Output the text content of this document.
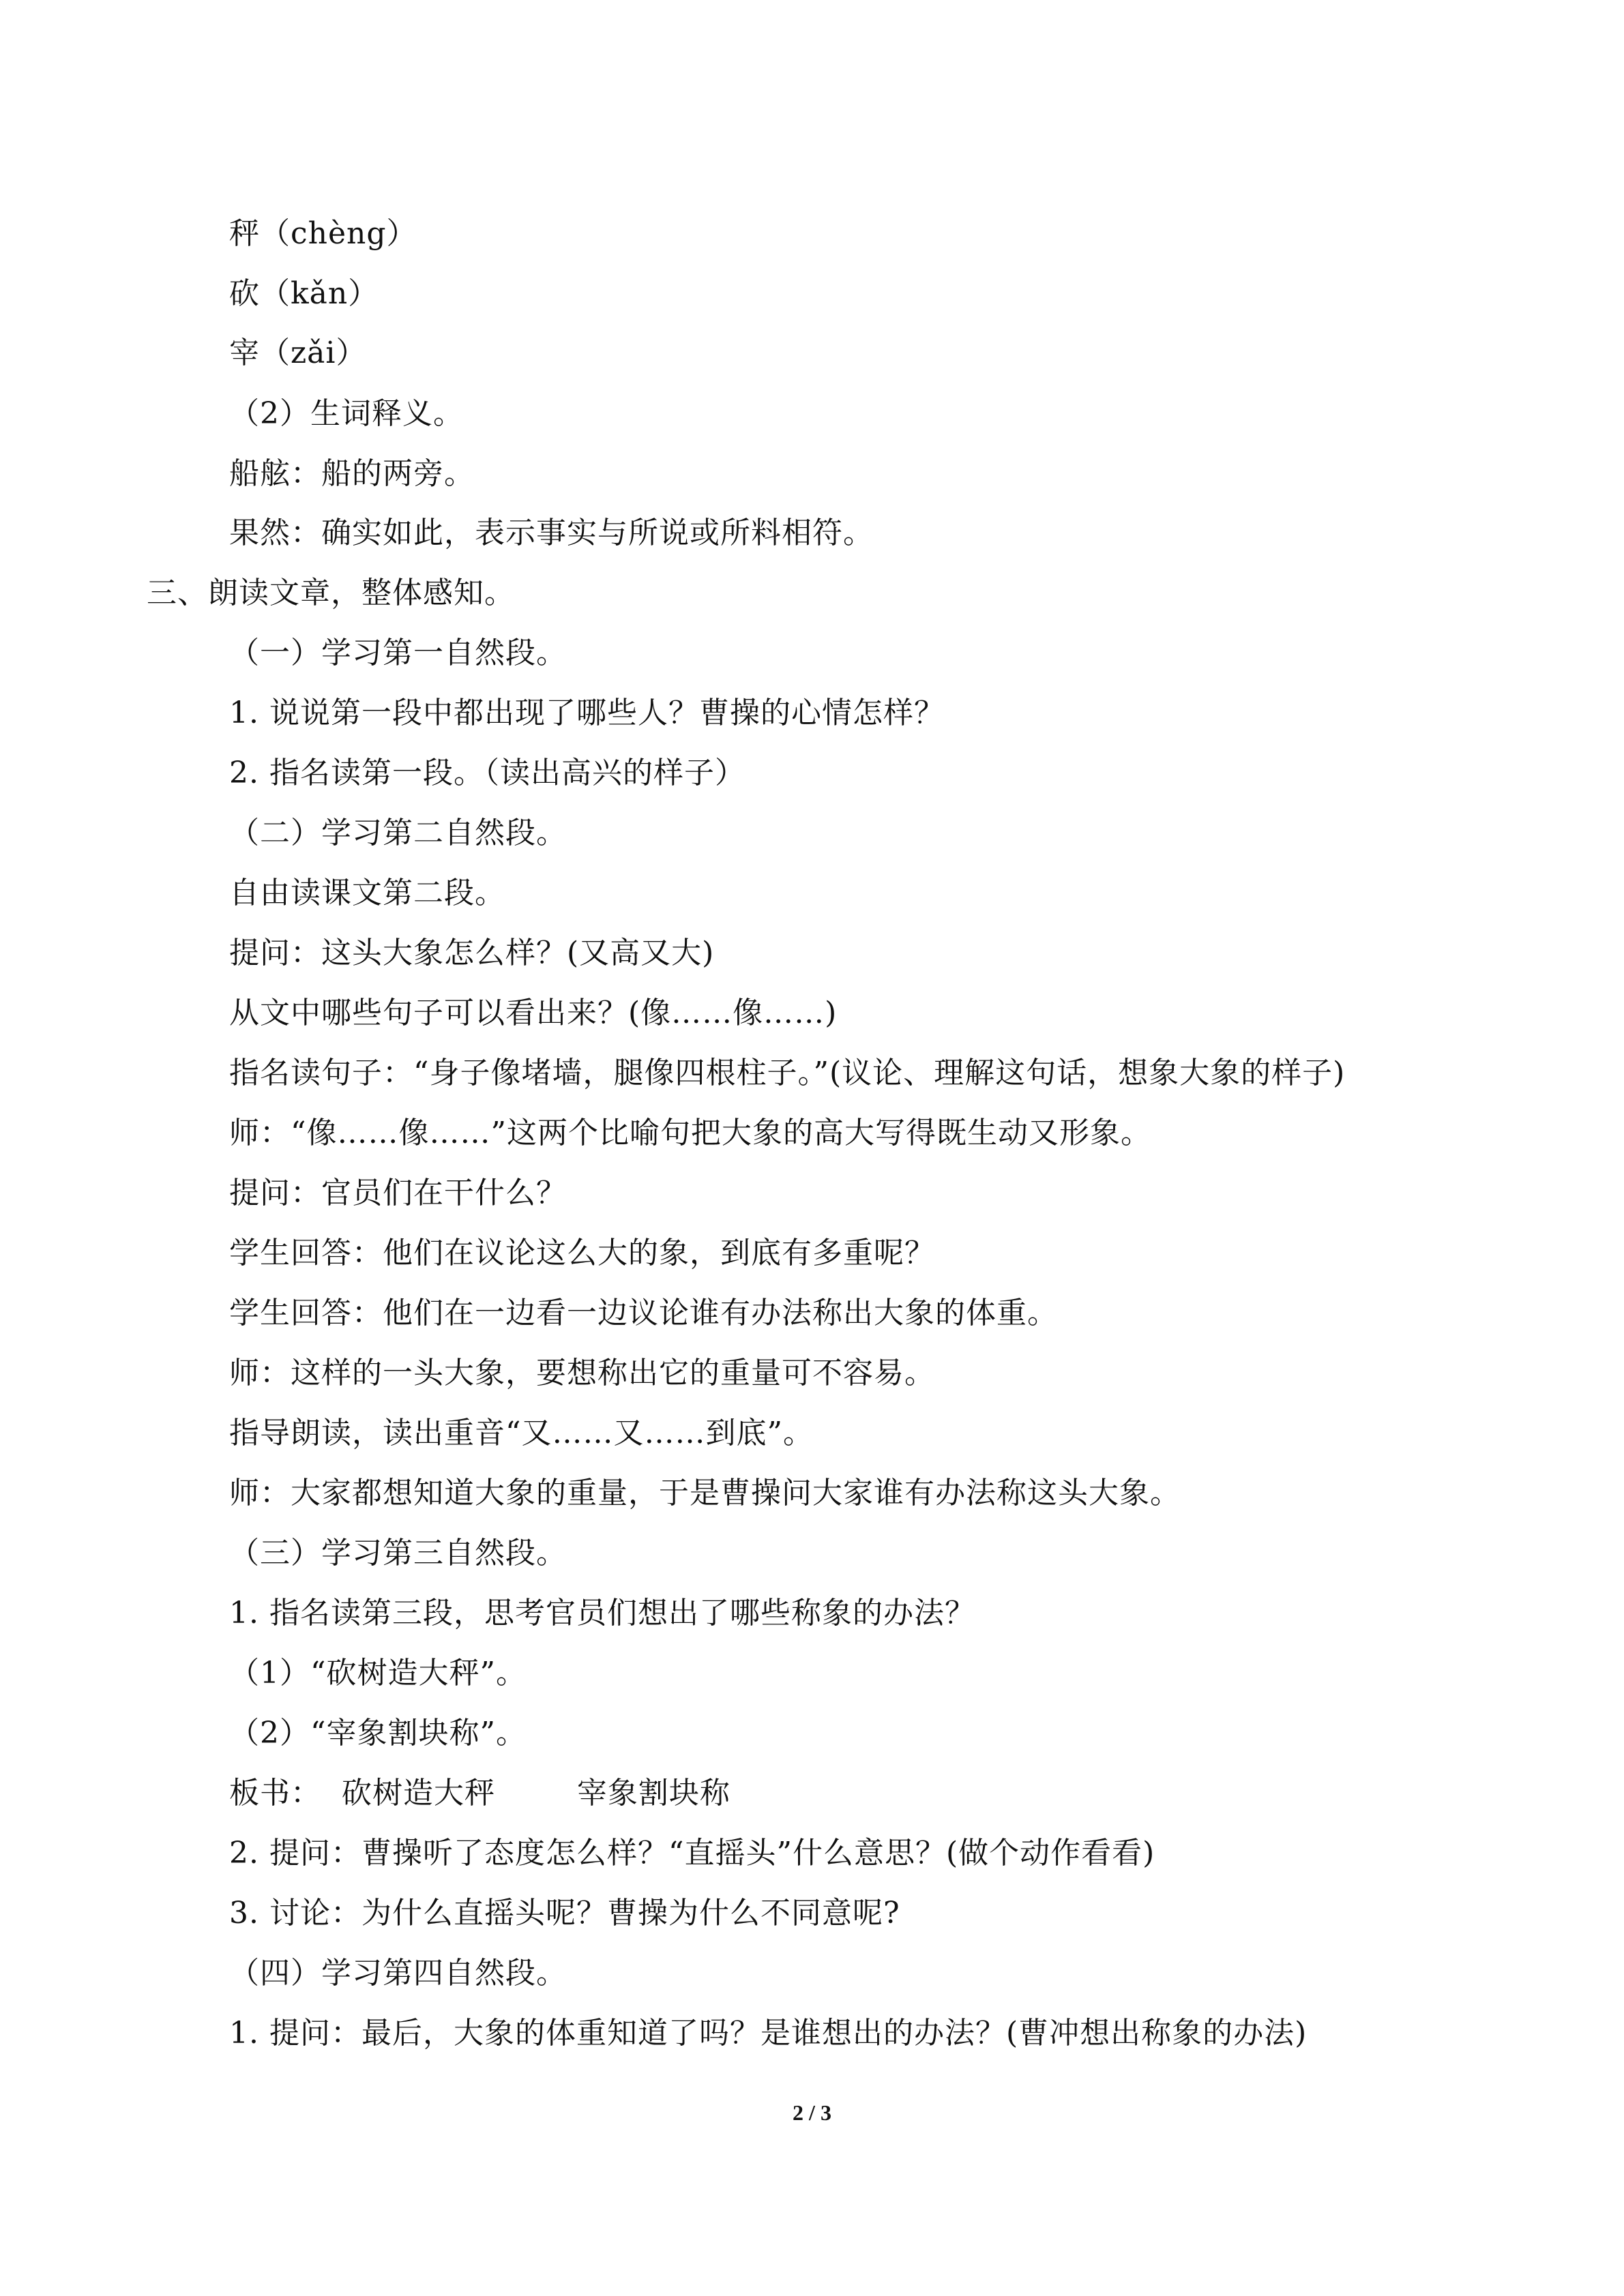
秤（chèng）
砍（kǎn）
宰（zǎi）
（2）生词释义。
船舷：船的两旁。
果然：确实如此，表示事实与所说或所料相符。
三、朗读文章，整体感知。
（一）学习第一自然段。
1. 说说第一段中都出现了哪些人？曹操的心情怎样？
2. 指名读第一段。（读出高兴的样子）
（二）学习第二自然段。
自由读课文第二段。
提问：这头大象怎么样？(又高又大)
从文中哪些句子可以看出来？(像……像……)
指名读句子：“身子像堵墙，腿像四根柱子。”(议论、理解这句话，想象大象的样子)
师：“像……像……”这两个比喻句把大象的高大写得既生动又形象。
提问：官员们在干什么？
学生回答：他们在议论这么大的象，到底有多重呢？
学生回答：他们在一边看一边议论谁有办法称出大象的体重。
师：这样的一头大象，要想称出它的重量可不容易。
指导朗读，读出重音“又……又……到底”。
师：大家都想知道大象的重量，于是曹操问大家谁有办法称这头大象。
（三）学习第三自然段。
1. 指名读第三段，思考官员们想出了哪些称象的办法？
（1）“砍树造大秤”。
（2）“宰象割块称”。
板书：  砍树造大秤        宰象割块称
2. 提问：曹操听了态度怎么样？“直摇头”什么意思？(做个动作看看)
3. 讨论：为什么直摇头呢？曹操为什么不同意呢?
（四）学习第四自然段。
1. 提问：最后，大象的体重知道了吗？是谁想出的办法？(曹冲想出称象的办法)
2 / 3
